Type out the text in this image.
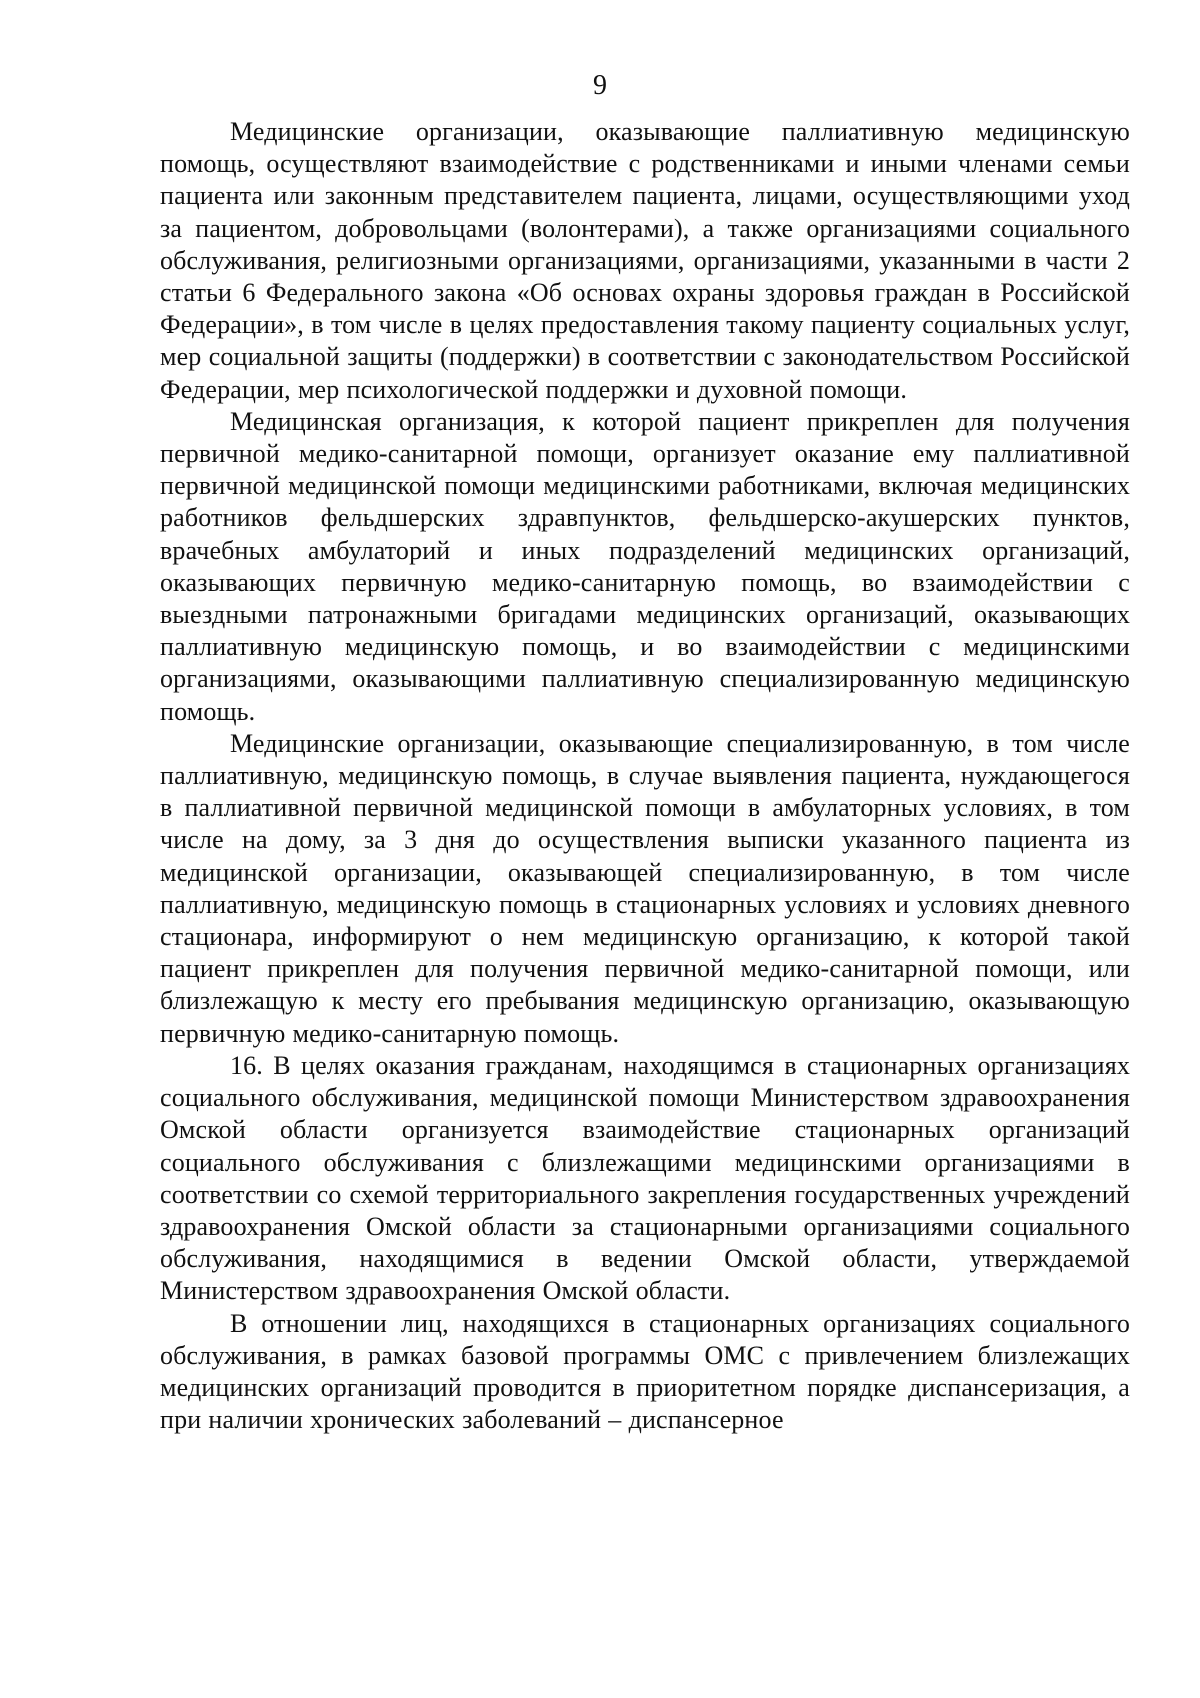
9

Медицинские организации, оказывающие паллиативную медицинскую помощь, осуществляют взаимодействие с родственниками и иными членами семьи пациента или законным представителем пациента, лицами, осуществляющими уход за пациентом, добровольцами (волонтерами), а также организациями социального обслуживания, религиозными организациями, организациями, указанными в части 2 статьи 6 Федерального закона «Об основах охраны здоровья граждан в Российской Федерации», в том числе в целях предоставления такому пациенту социальных услуг, мер социальной защиты (поддержки) в соответствии с законодательством Российской Федерации, мер психологической поддержки и духовной помощи.

Медицинская организация, к которой пациент прикреплен для получения первичной медико-санитарной помощи, организует оказание ему паллиативной первичной медицинской помощи медицинскими работниками, включая медицинских работников фельдшерских здравпунктов, фельдшерско-акушерских пунктов, врачебных амбулаторий и иных подразделений медицинских организаций, оказывающих первичную медико-санитарную помощь, во взаимодействии с выездными патронажными бригадами медицинских организаций, оказывающих паллиативную медицинскую помощь, и во взаимодействии с медицинскими организациями, оказывающими паллиативную специализированную медицинскую помощь.

Медицинские организации, оказывающие специализированную, в том числе паллиативную, медицинскую помощь, в случае выявления пациента, нуждающегося в паллиативной первичной медицинской помощи в амбулаторных условиях, в том числе на дому, за 3 дня до осуществления выписки указанного пациента из медицинской организации, оказывающей специализированную, в том числе паллиативную, медицинскую помощь в стационарных условиях и условиях дневного стационара, информируют о нем медицинскую организацию, к которой такой пациент прикреплен для получения первичной медико-санитарной помощи, или близлежащую к месту его пребывания медицинскую организацию, оказывающую первичную медико-санитарную помощь.

16. В целях оказания гражданам, находящимся в стационарных организациях социального обслуживания, медицинской помощи Министерством здравоохранения Омской области организуется взаимодействие стационарных организаций социального обслуживания с близлежащими медицинскими организациями в соответствии со схемой территориального закрепления государственных учреждений здравоохранения Омской области за стационарными организациями социального обслуживания, находящимися в ведении Омской области, утверждаемой Министерством здравоохранения Омской области.

В отношении лиц, находящихся в стационарных организациях социального обслуживания, в рамках базовой программы ОМС с привлечением близлежащих медицинских организаций проводится в приоритетном порядке диспансеризация, а при наличии хронических заболеваний – диспансерное
